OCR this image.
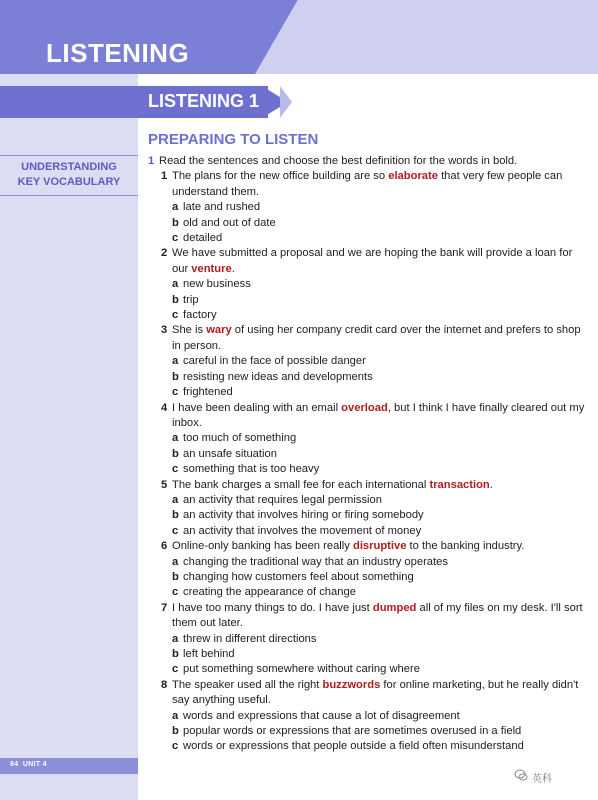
LISTENING
LISTENING 1
PREPARING TO LISTEN
UNDERSTANDING
KEY VOCABULARY

1 Read the sentences and choose the best definition for the words in bold.

1 The plans for the new office building are so elaborate that very few people can understand them.

a late and rushed

b old and out of date

c detailed

2 We have submitted a proposal and we are hoping the bank will provide a loan for our venture.

a new business

b trip

c factory

3 She is wary of using her company credit card over the internet and prefers to shop in person.

a careful in the face of possible danger

b resisting new ideas and developments

c frightened

4 I have been dealing with an email overload, but I think I have finally cleared out my inbox.

a too much of something

b an unsafe situation

c something that is too heavy

5 The bank charges a small fee for each international transaction.

a an activity that requires legal permission

b an activity that involves hiring or firing somebody

c an activity that involves the movement of money

6 Online-only banking has been really disruptive to the banking industry.

a changing the traditional way that an industry operates

b changing how customers feel about something

c creating the appearance of change

7 I have too many things to do. I have just dumped all of my files on my desk. I'll sort them out later.

a threw in different directions

b left behind

c put something somewhere without caring where

8 The speaker used all the right buzzwords for online marketing, but he really didn't say anything useful.

a words and expressions that cause a lot of disagreement

b popular words or expressions that are sometimes overused in a field

c words or expressions that people outside a field often misunderstand

84 UNIT 4
英科
